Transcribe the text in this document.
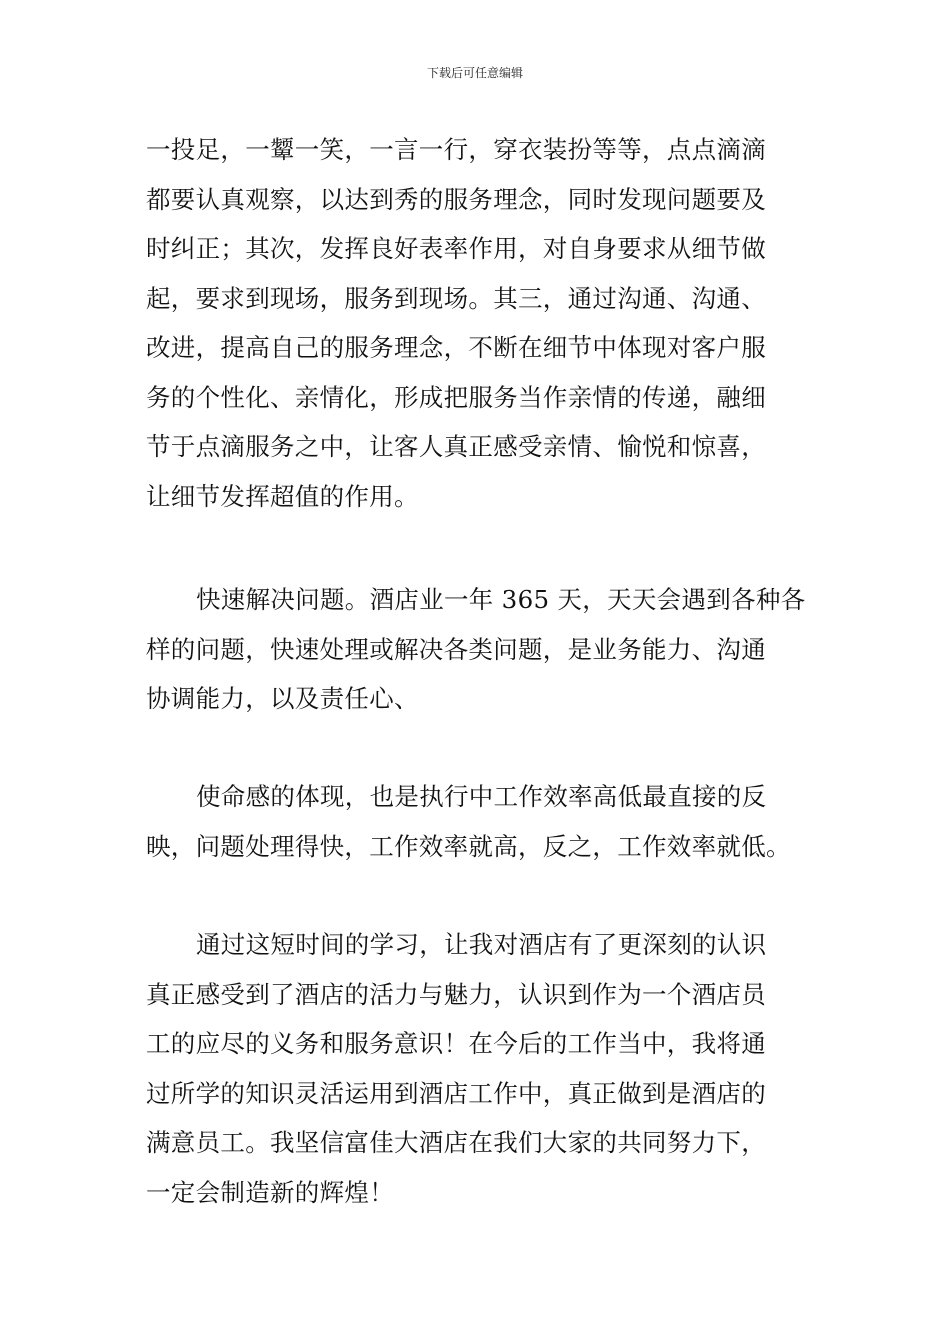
下载后可任意编辑
一投足，一颦一笑，一言一行，穿衣装扮等等，点点滴滴
都要认真观察，以达到秀的服务理念，同时发现问题要及
时纠正；其次，发挥良好表率作用，对自身要求从细节做
起，要求到现场，服务到现场。其三，通过沟通、沟通、
改进，提高自己的服务理念，不断在细节中体现对客户服
务的个性化、亲情化，形成把服务当作亲情的传递，融细
节于点滴服务之中，让客人真正感受亲情、愉悦和惊喜，
让细节发挥超值的作用。
快速解决问题。酒店业一年 365 天，天天会遇到各种各
样的问题，快速处理或解决各类问题，是业务能力、沟通
协调能力，以及责任心、
使命感的体现，也是执行中工作效率高低最直接的反
映，问题处理得快，工作效率就高，反之，工作效率就低。
通过这短时间的学习，让我对酒店有了更深刻的认识
真正感受到了酒店的活力与魅力，认识到作为一个酒店员
工的应尽的义务和服务意识！在今后的工作当中，我将通
过所学的知识灵活运用到酒店工作中，真正做到是酒店的
满意员工。我坚信富佳大酒店在我们大家的共同努力下，
一定会制造新的辉煌！
